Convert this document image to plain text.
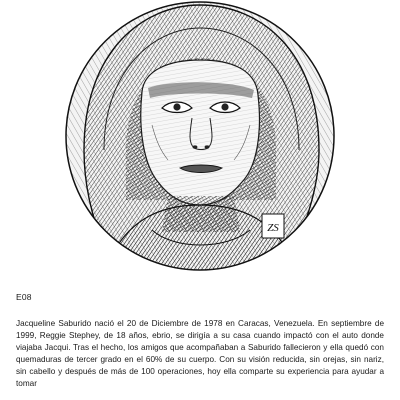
ZS
E08

Jacqueline Saburido nació el 20 de Diciembre de 1978 en Caracas, Venezuela. En septiembre de 1999, Reggie Stephey, de 18 años, ebrio, se dirigía a su casa cuando impactó con el auto donde viajaba Jacqui. Tras el hecho, los amigos que acompañaban a Saburido fallecieron y ella quedó con quemaduras de tercer grado en el 60% de su cuerpo. Con su visión reducida, sin orejas, sin nariz, sin cabello y después de más de 100 operaciones, hoy ella comparte su experiencia para ayudar a tomar
